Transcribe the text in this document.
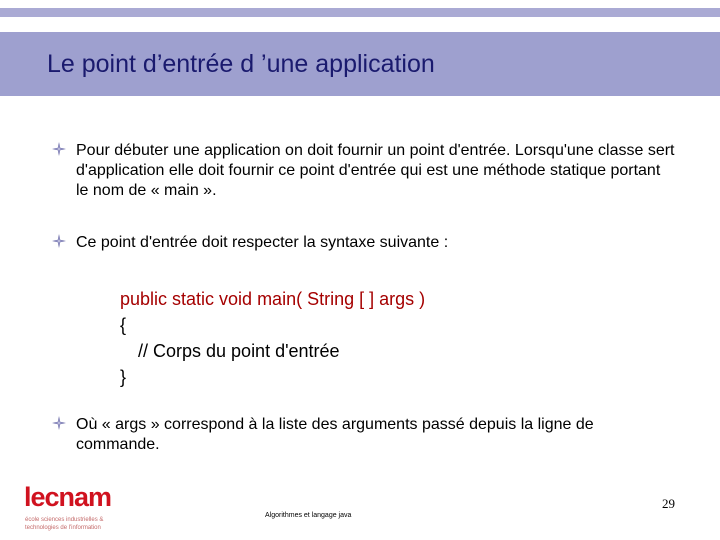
Le point d’entrée d ’une application
Pour débuter une application on doit fournir un point d'entrée. Lorsqu'une classe sert d'application elle doit fournir ce point d'entrée qui est une méthode statique portant le nom de « main ».
Ce point d'entrée doit respecter la syntaxe suivante :
public static void main( String [ ] args )
{
// Corps du point d'entrée
}
Où « args » correspond à la liste des arguments passé depuis la ligne de commande.
lecnam
école sciences industrielles &
technologies de l'information
Algorithmes et langage java
29
